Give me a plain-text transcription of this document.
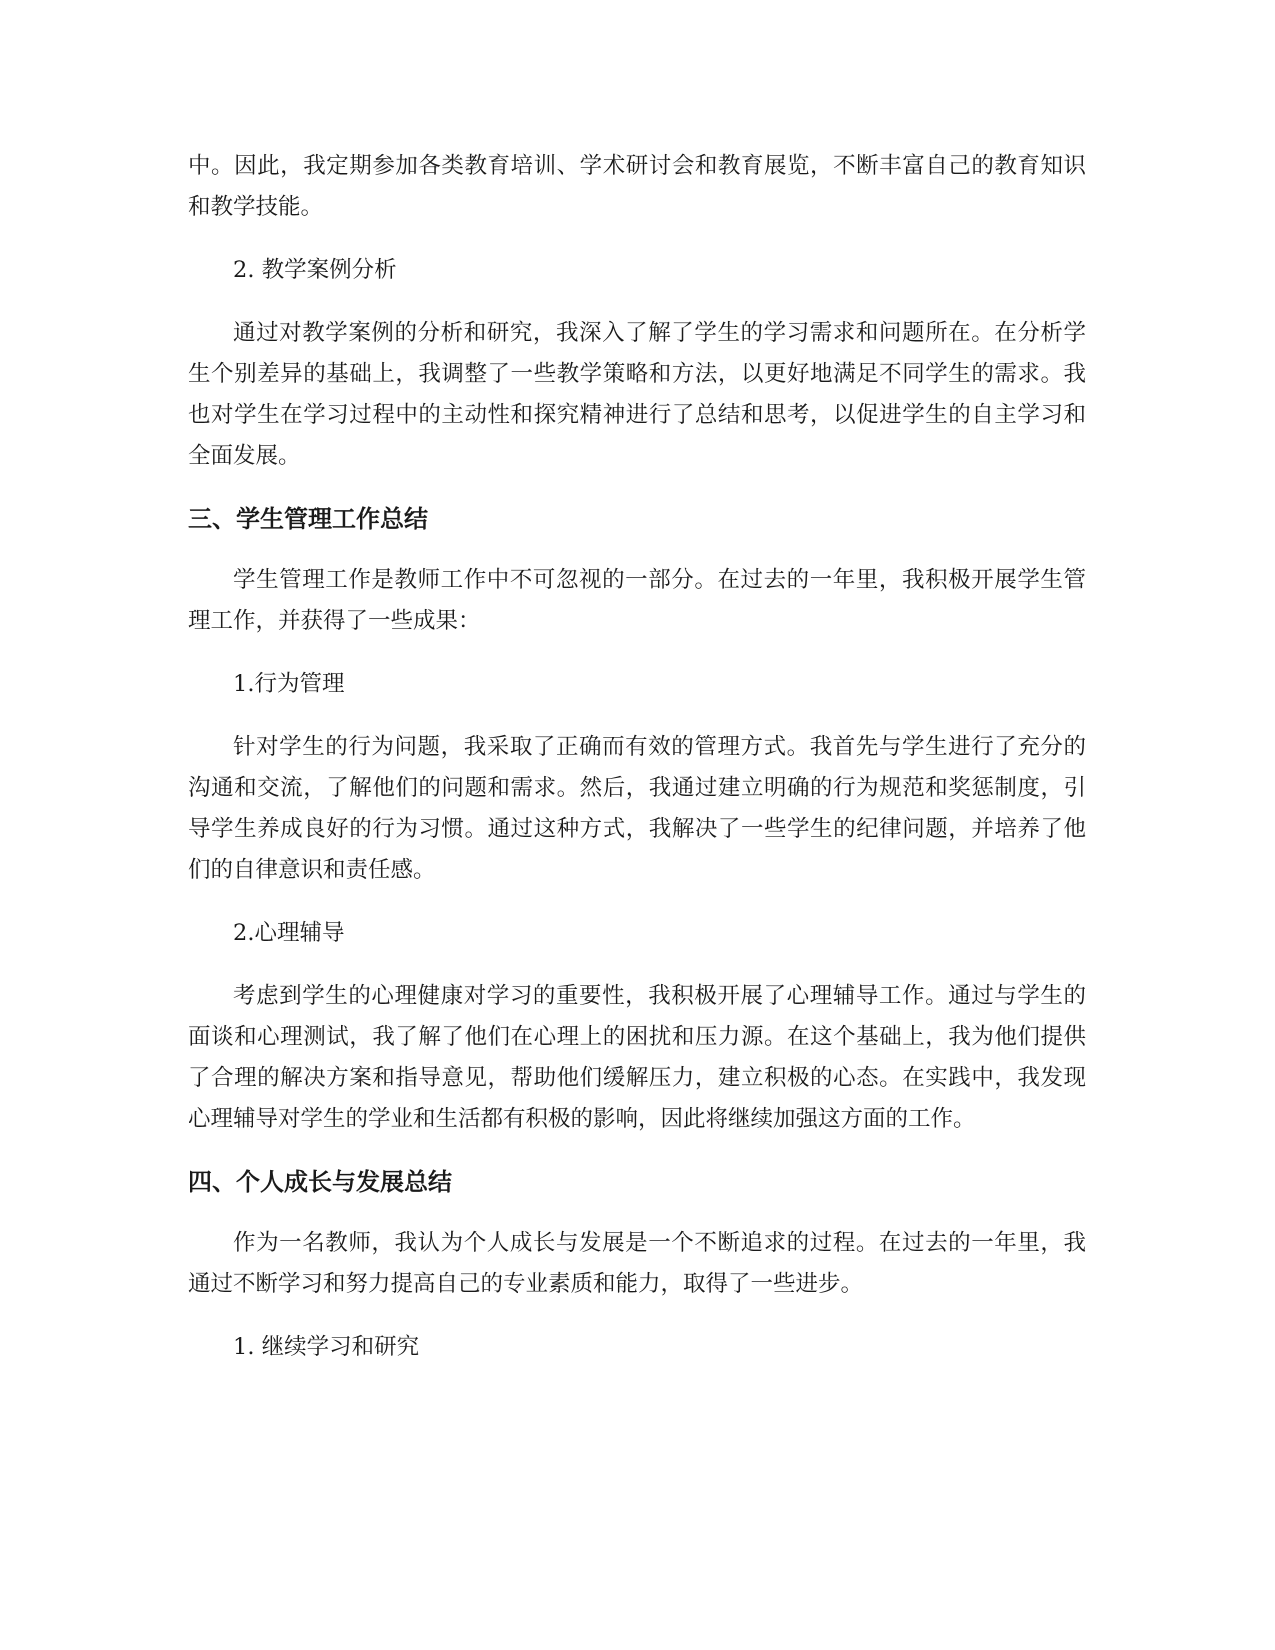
中。因此，我定期参加各类教育培训、学术研讨会和教育展览，不断丰富自己的教育知识和教学技能。

2. 教学案例分析

通过对教学案例的分析和研究，我深入了解了学生的学习需求和问题所在。在分析学生个别差异的基础上，我调整了一些教学策略和方法，以更好地满足不同学生的需求。我也对学生在学习过程中的主动性和探究精神进行了总结和思考，以促进学生的自主学习和全面发展。

三、学生管理工作总结

学生管理工作是教师工作中不可忽视的一部分。在过去的一年里，我积极开展学生管理工作，并获得了一些成果：

1.行为管理

针对学生的行为问题，我采取了正确而有效的管理方式。我首先与学生进行了充分的沟通和交流，了解他们的问题和需求。然后，我通过建立明确的行为规范和奖惩制度，引导学生养成良好的行为习惯。通过这种方式，我解决了一些学生的纪律问题，并培养了他们的自律意识和责任感。

2.心理辅导

考虑到学生的心理健康对学习的重要性，我积极开展了心理辅导工作。通过与学生的面谈和心理测试，我了解了他们在心理上的困扰和压力源。在这个基础上，我为他们提供了合理的解决方案和指导意见，帮助他们缓解压力，建立积极的心态。在实践中，我发现心理辅导对学生的学业和生活都有积极的影响，因此将继续加强这方面的工作。

四、个人成长与发展总结

作为一名教师，我认为个人成长与发展是一个不断追求的过程。在过去的一年里，我通过不断学习和努力提高自己的专业素质和能力，取得了一些进步。

1. 继续学习和研究
